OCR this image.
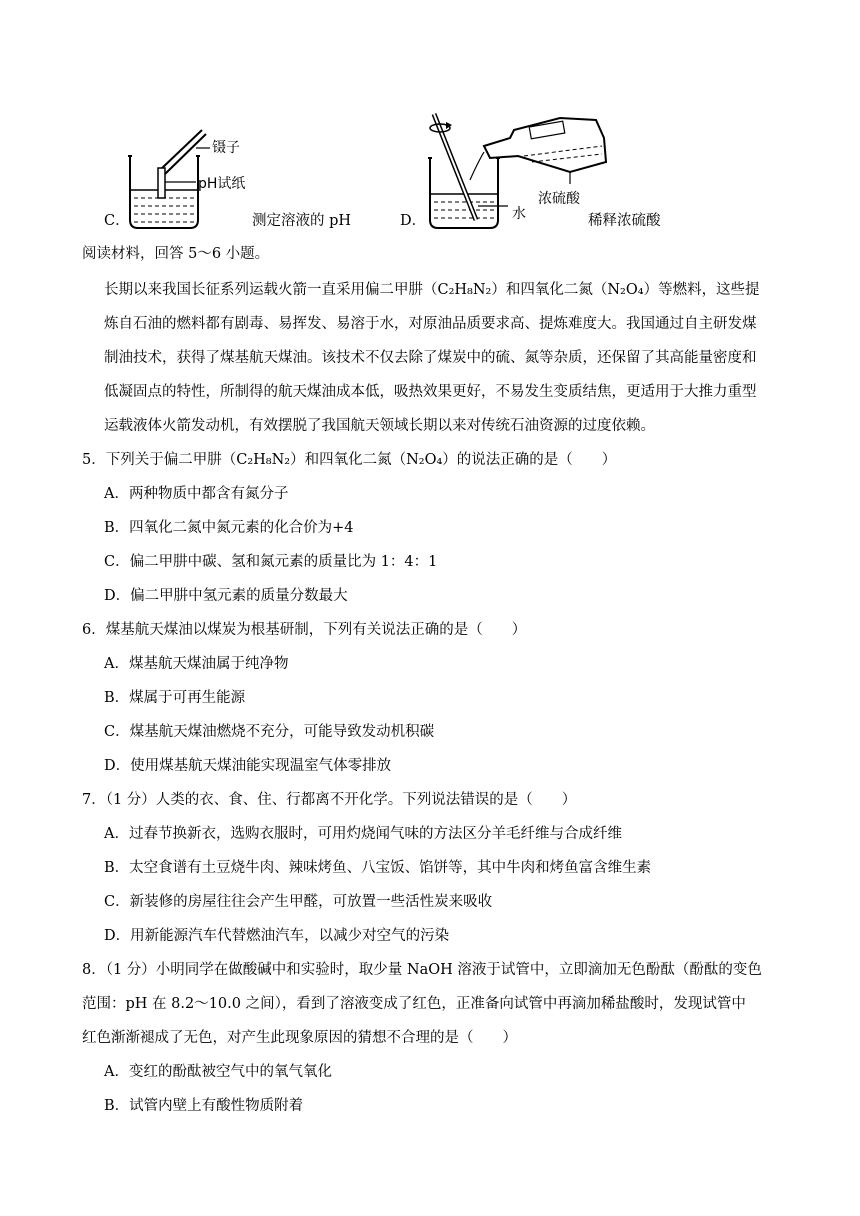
C．
镊子
pH试纸
测定溶液的 pH	D．
浓硫酸
水	稀释浓硫酸
阅读材料，回答 5～6 小题。
长期以来我国长征系列运载火箭一直采用偏二甲肼（C₂H₈N₂）和四氧化二氮（N₂O₄）等燃料，这些提
炼自石油的燃料都有剧毒、易挥发、易溶于水，对原油品质要求高、提炼难度大。我国通过自主研发煤
制油技术，获得了煤基航天煤油。该技术不仅去除了煤炭中的硫、氮等杂质，还保留了其高能量密度和
低凝固点的特性，所制得的航天煤油成本低，吸热效果更好，不易发生变质结焦，更适用于大推力重型
运载液体火箭发动机，有效摆脱了我国航天领域长期以来对传统石油资源的过度依赖。
5．下列关于偏二甲肼（C₂H₈N₂）和四氧化二氮（N₂O₄）的说法正确的是（　　）
A．两种物质中都含有氮分子
B．四氧化二氮中氮元素的化合价为+4
C．偏二甲肼中碳、氢和氮元素的质量比为 1：4：1
D．偏二甲肼中氢元素的质量分数最大
6．煤基航天煤油以煤炭为根基研制，下列有关说法正确的是（　　）
A．煤基航天煤油属于纯净物
B．煤属于可再生能源
C．煤基航天煤油燃烧不充分，可能导致发动机积碳
D．使用煤基航天煤油能实现温室气体零排放
7．（1 分）人类的衣、食、住、行都离不开化学。下列说法错误的是（　　）
A．过春节换新衣，选购衣服时，可用灼烧闻气味的方法区分羊毛纤维与合成纤维
B．太空食谱有土豆烧牛肉、辣味烤鱼、八宝饭、馅饼等，其中牛肉和烤鱼富含维生素
C．新装修的房屋往往会产生甲醛，可放置一些活性炭来吸收
D．用新能源汽车代替燃油汽车，以减少对空气的污染
8．（1 分）小明同学在做酸碱中和实验时，取少量 NaOH 溶液于试管中，立即滴加无色酚酞（酚酞的变色
范围：pH 在 8.2～10.0 之间），看到了溶液变成了红色，正准备向试管中再滴加稀盐酸时，发现试管中
红色渐渐褪成了无色，对产生此现象原因的猜想不合理的是（　　）
A．变红的酚酞被空气中的氧气氧化
B．试管内壁上有酸性物质附着
